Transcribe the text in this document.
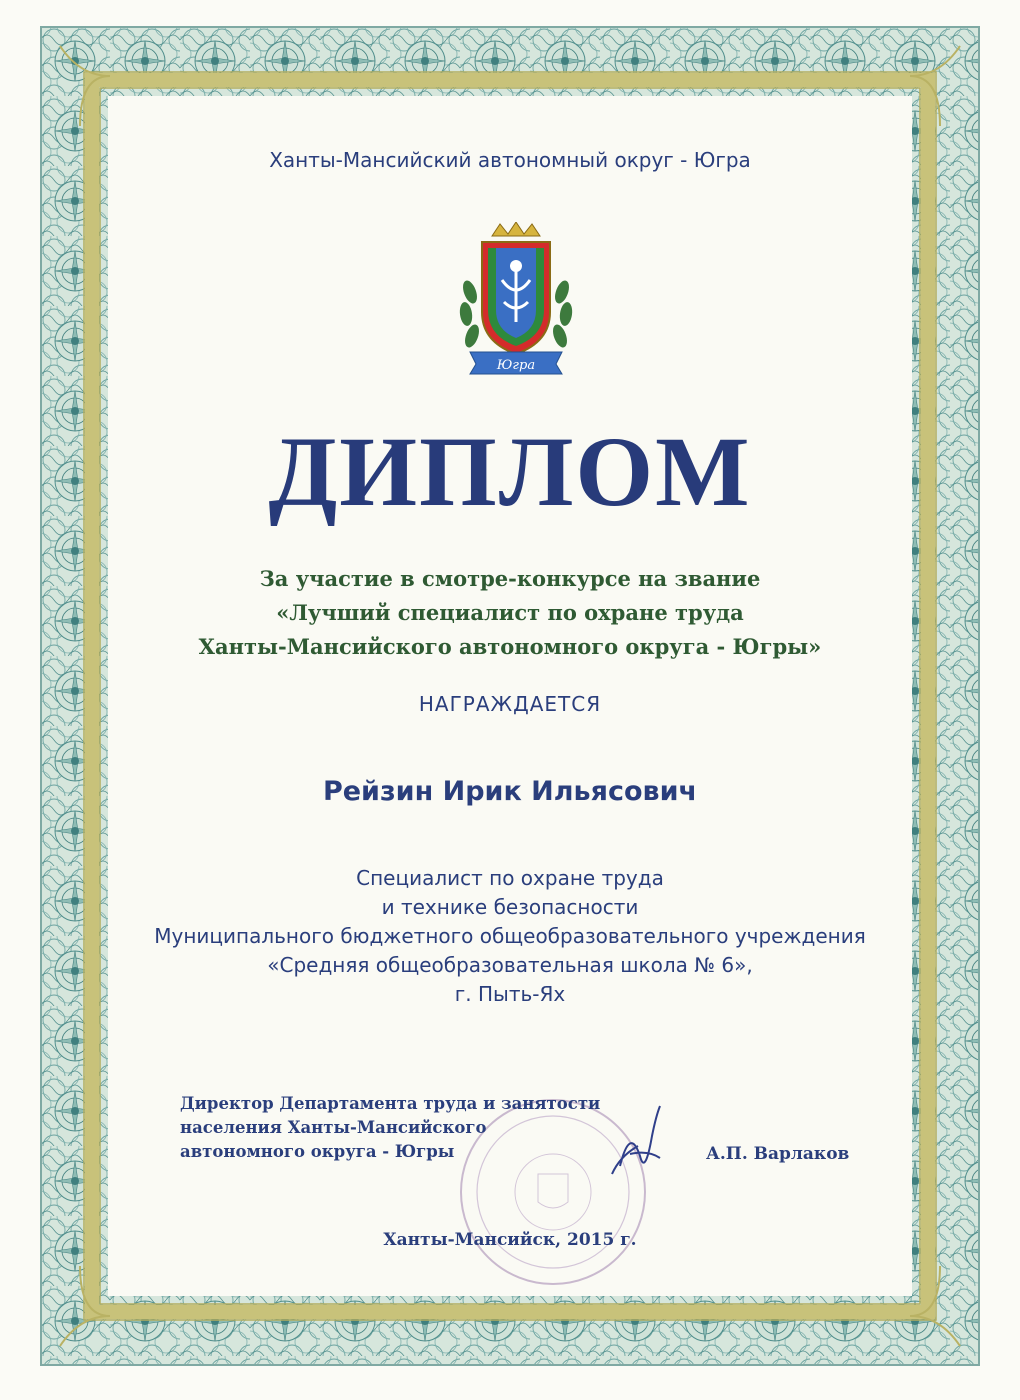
Ханты-Мансийский автономный округ - Югра
Югра
ДИПЛОМ
За участие в смотре-конкурсе на звание
«Лучший специалист по охране труда
Ханты-Мансийского автономного округа - Югры»
НАГРАЖДАЕТСЯ
Рейзин Ирик Ильясович
Специалист по охране труда
и технике безопасности
Муниципального бюджетного общеобразовательного учреждения
«Средняя общеобразовательная школа № 6»,
г. Пыть-Ях
Директор Департамента труда и занятости
населения Ханты-Мансийского
автономного округа - Югры	А.П. Варлаков
Ханты-Мансийск, 2015 г.
